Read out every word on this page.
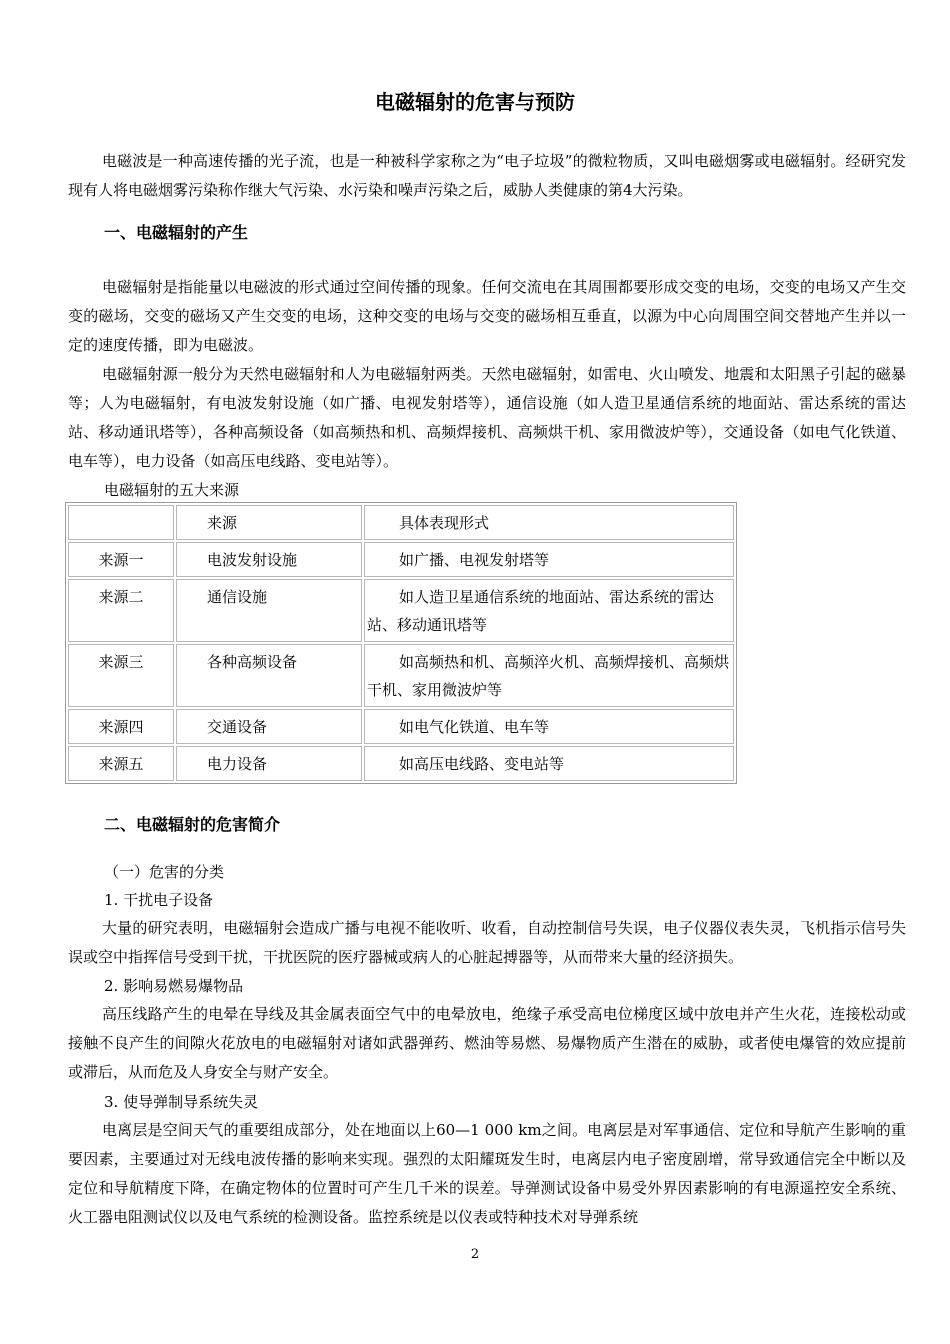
电磁辐射的危害与预防

电磁波是一种高速传播的光子流，也是一种被科学家称之为“电子垃圾”的微粒物质，又叫电磁烟雾或电磁辐射。经研究发现有人将电磁烟雾污染称作继大气污染、水污染和噪声污染之后，威胁人类健康的第4大污染。

一、电磁辐射的产生

电磁辐射是指能量以电磁波的形式通过空间传播的现象。任何交流电在其周围都要形成交变的电场，交变的电场又产生交变的磁场，交变的磁场又产生交变的电场，这种交变的电场与交变的磁场相互垂直，以源为中心向周围空间交替地产生并以一定的速度传播，即为电磁波。

电磁辐射源一般分为天然电磁辐射和人为电磁辐射两类。天然电磁辐射，如雷电、火山喷发、地震和太阳黑子引起的磁暴等；人为电磁辐射，有电波发射设施（如广播、电视发射塔等），通信设施（如人造卫星通信系统的地面站、雷达系统的雷达站、移动通讯塔等），各种高频设备（如高频热和机、高频焊接机、高频烘干机、家用微波炉等），交通设备（如电气化铁道、电车等），电力设备（如高压电线路、变电站等）。

电磁辐射的五大来源

	来源	具体表现形式
来源一	电波发射设施	如广播、电视发射塔等
来源二	通信设施	如人造卫星通信系统的地面站、雷达系统的雷达站、移动通讯塔等
来源三	各种高频设备	如高频热和机、高频淬火机、高频焊接机、高频烘干机、家用微波炉等
来源四	交通设备	如电气化铁道、电车等
来源五	电力设备	如高压电线路、变电站等

二、电磁辐射的危害简介

（一）危害的分类

1. 干扰电子设备

大量的研究表明，电磁辐射会造成广播与电视不能收听、收看，自动控制信号失误，电子仪器仪表失灵，飞机指示信号失误或空中指挥信号受到干扰，干扰医院的医疗器械或病人的心脏起搏器等，从而带来大量的经济损失。

2. 影响易燃易爆物品

高压线路产生的电晕在导线及其金属表面空气中的电晕放电，绝缘子承受高电位梯度区域中放电并产生火花，连接松动或接触不良产生的间隙火花放电的电磁辐射对诸如武器弹药、燃油等易燃、易爆物质产生潜在的威胁，或者使电爆管的效应提前或滞后，从而危及人身安全与财产安全。

3. 使导弹制导系统失灵

电离层是空间天气的重要组成部分，处在地面以上60—1 000 km之间。电离层是对军事通信、定位和导航产生影响的重要因素，主要通过对无线电波传播的影响来实现。强烈的太阳耀斑发生时，电离层内电子密度剧增，常导致通信完全中断以及定位和导航精度下降，在确定物体的位置时可产生几千米的误差。导弹测试设备中易受外界因素影响的有电源遥控安全系统、火工器电阻测试仪以及电气系统的检测设备。监控系统是以仪表或特种技术对导弹系统

2
